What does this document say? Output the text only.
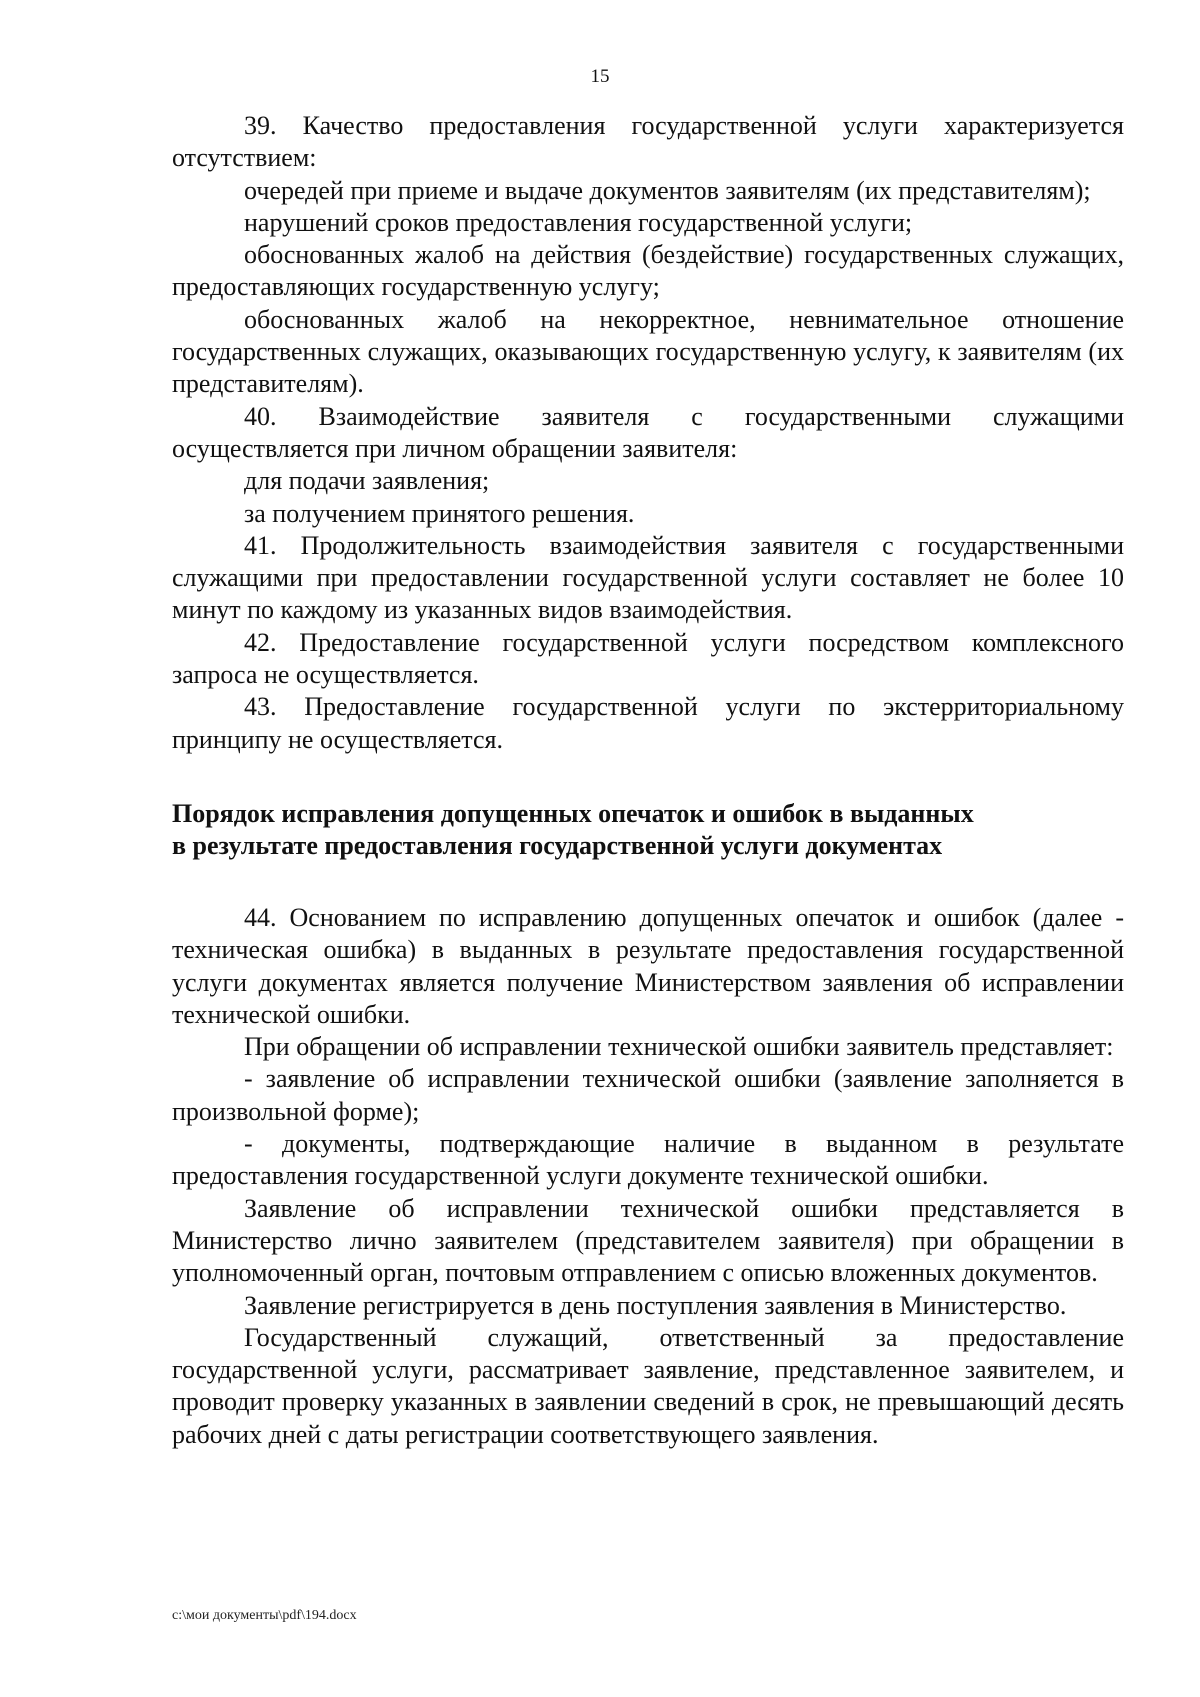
15

39. Качество предоставления государственной услуги характеризуется отсутствием:

очередей при приеме и выдаче документов заявителям (их представителям);

нарушений сроков предоставления государственной услуги;

обоснованных жалоб на действия (бездействие) государственных служащих, предоставляющих государственную услугу;

обоснованных жалоб на некорректное, невнимательное отношение государственных служащих, оказывающих государственную услугу, к заявителям (их представителям).

40. Взаимодействие заявителя с государственными служащими осуществляется при личном обращении заявителя:

для подачи заявления;

за получением принятого решения.

41. Продолжительность взаимодействия заявителя с государственными служащими при предоставлении государственной услуги составляет не более 10 минут по каждому из указанных видов взаимодействия.

42. Предоставление государственной услуги посредством комплексного запроса не осуществляется.

43. Предоставление государственной услуги по экстерриториальному принципу не осуществляется.

Порядок исправления допущенных опечаток и ошибок в выданных

в результате предоставления государственной услуги документах

44. Основанием по исправлению допущенных опечаток и ошибок (далее - техническая ошибка) в выданных в результате предоставления государственной услуги документах является получение Министерством заявления об исправлении технической ошибки.

При обращении об исправлении технической ошибки заявитель представляет:

- заявление об исправлении технической ошибки (заявление заполняется в произвольной форме);

- документы, подтверждающие наличие в выданном в результате предоставления государственной услуги документе технической ошибки.

Заявление об исправлении технической ошибки представляется в Министерство лично заявителем (представителем заявителя) при обращении в уполномоченный орган, почтовым отправлением с описью вложенных документов.

Заявление регистрируется в день поступления заявления в Министерство.

Государственный служащий, ответственный за предоставление государственной услуги, рассматривает заявление, представленное заявителем, и проводит проверку указанных в заявлении сведений в срок, не превышающий десять рабочих дней с даты регистрации соответствующего заявления.

c:\мои документы\pdf\194.docx
